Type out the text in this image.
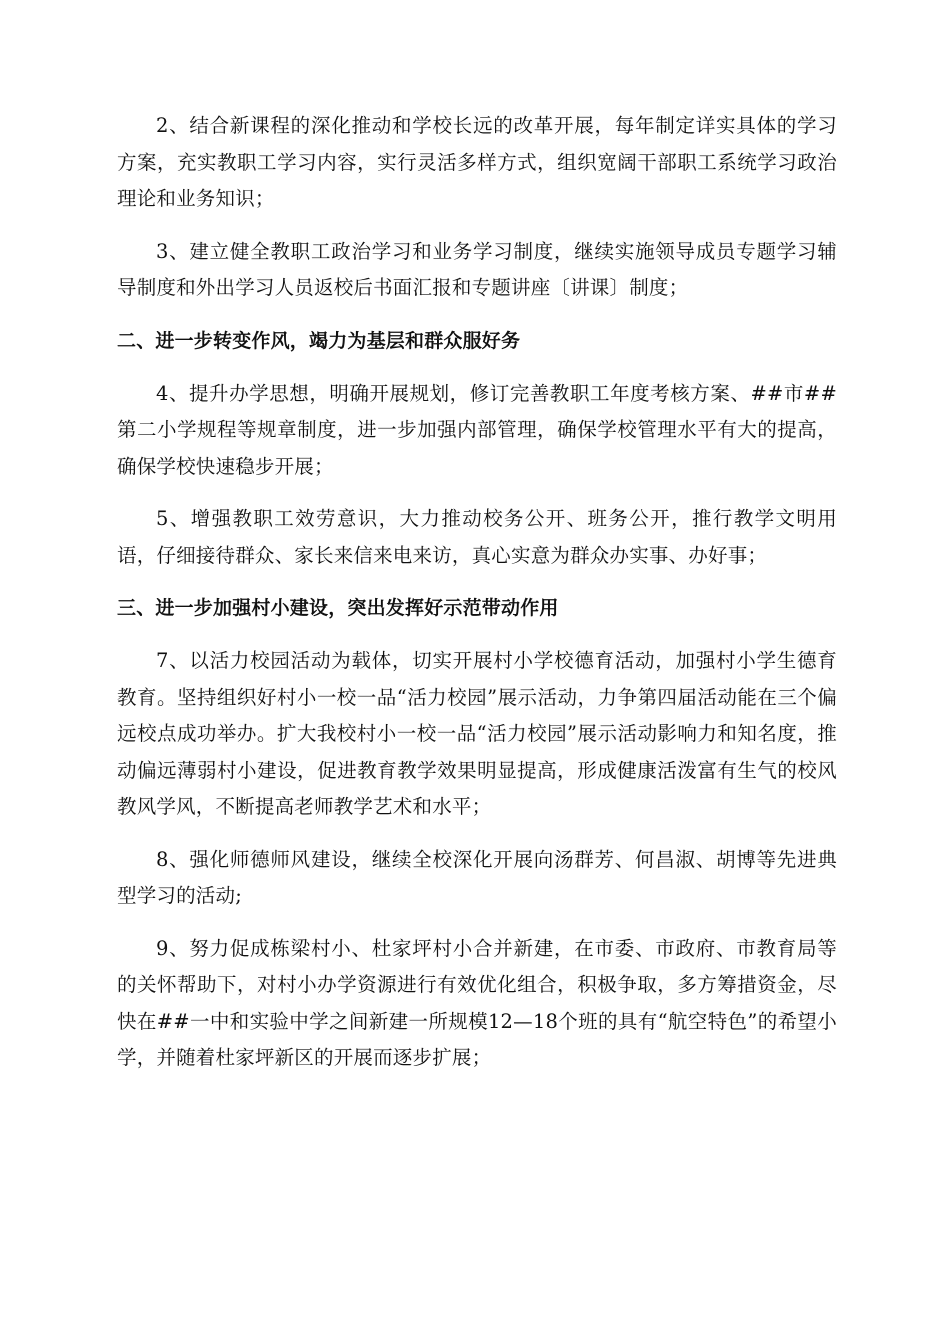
2、结合新课程的深化推动和学校长远的改革开展，每年制定详实具体的学习方案，充实教职工学习内容，实行灵活多样方式，组织宽阔干部职工系统学习政治理论和业务知识；

3、建立健全教职工政治学习和业务学习制度，继续实施领导成员专题学习辅导制度和外出学习人员返校后书面汇报和专题讲座〔讲课〕制度；

二、进一步转变作风，竭力为基层和群众服好务

4、提升办学思想，明确开展规划，修订完善教职工年度考核方案、##市##第二小学规程等规章制度，进一步加强内部管理，确保学校管理水平有大的提高，确保学校快速稳步开展；

5、增强教职工效劳意识，大力推动校务公开、班务公开，推行教学文明用语，仔细接待群众、家长来信来电来访，真心实意为群众办实事、办好事；

三、进一步加强村小建设，突出发挥好示范带动作用

7、以活力校园活动为载体，切实开展村小学校德育活动，加强村小学生德育教育。坚持组织好村小一校一品“活力校园”展示活动，力争第四届活动能在三个偏远校点成功举办。扩大我校村小一校一品“活力校园”展示活动影响力和知名度，推动偏远薄弱村小建设，促进教育教学效果明显提高，形成健康活泼富有生气的校风教风学风，不断提高老师教学艺术和水平；

8、强化师德师风建设，继续全校深化开展向汤群芳、何昌淑、胡博等先进典型学习的活动;

9、努力促成栋梁村小、杜家坪村小合并新建，在市委、市政府、市教育局等的关怀帮助下，对村小办学资源进行有效优化组合，积极争取，多方筹措资金，尽快在##一中和实验中学之间新建一所规模12—18个班的具有“航空特色”的希望小学，并随着杜家坪新区的开展而逐步扩展；
